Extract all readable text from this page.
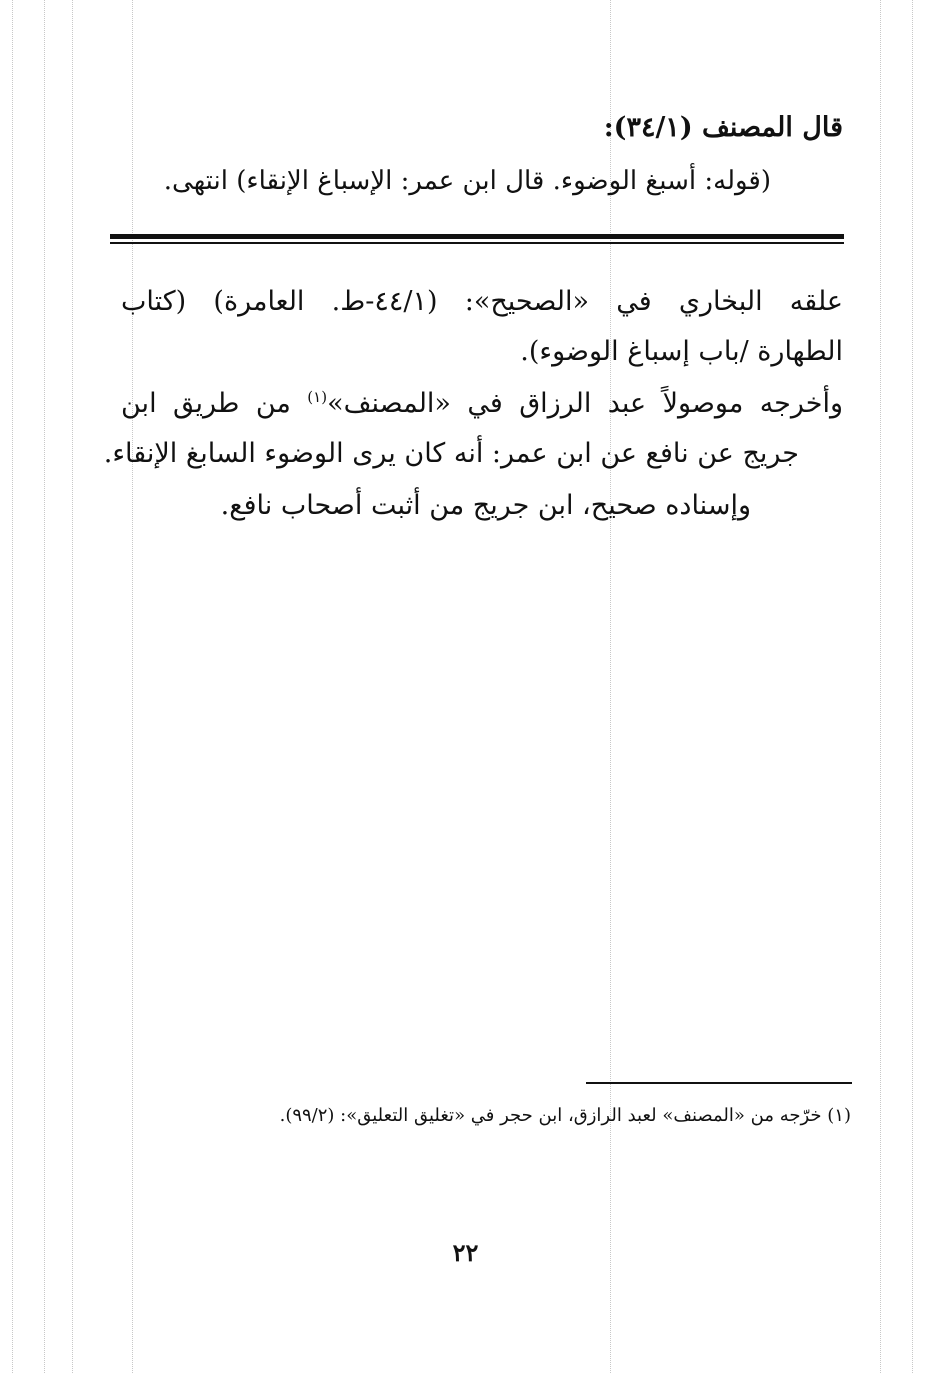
قال المصنف (٣٤/١):
(قوله: أسبغ الوضوء. قال ابن عمر: الإسباغ الإنقاء) انتهى.
علقه البخاري في «الصحيح»: (٤٤/١-ط. العامرة) (كتاب
الطهارة /باب إسباغ الوضوء).
وأخرجه موصولاً عبد الرزاق في «المصنف»$^{(١)}$ من طريق ابن
جريج عن نافع عن ابن عمر: أنه كان يرى الوضوء السابغ الإنقاء.
وإسناده صحيح، ابن جريج من أثبت أصحاب نافع.
(١) خرّجه من «المصنف» لعبد الرازق، ابن حجر في «تغليق التعليق»: (٩٩/٢).
٢٢
